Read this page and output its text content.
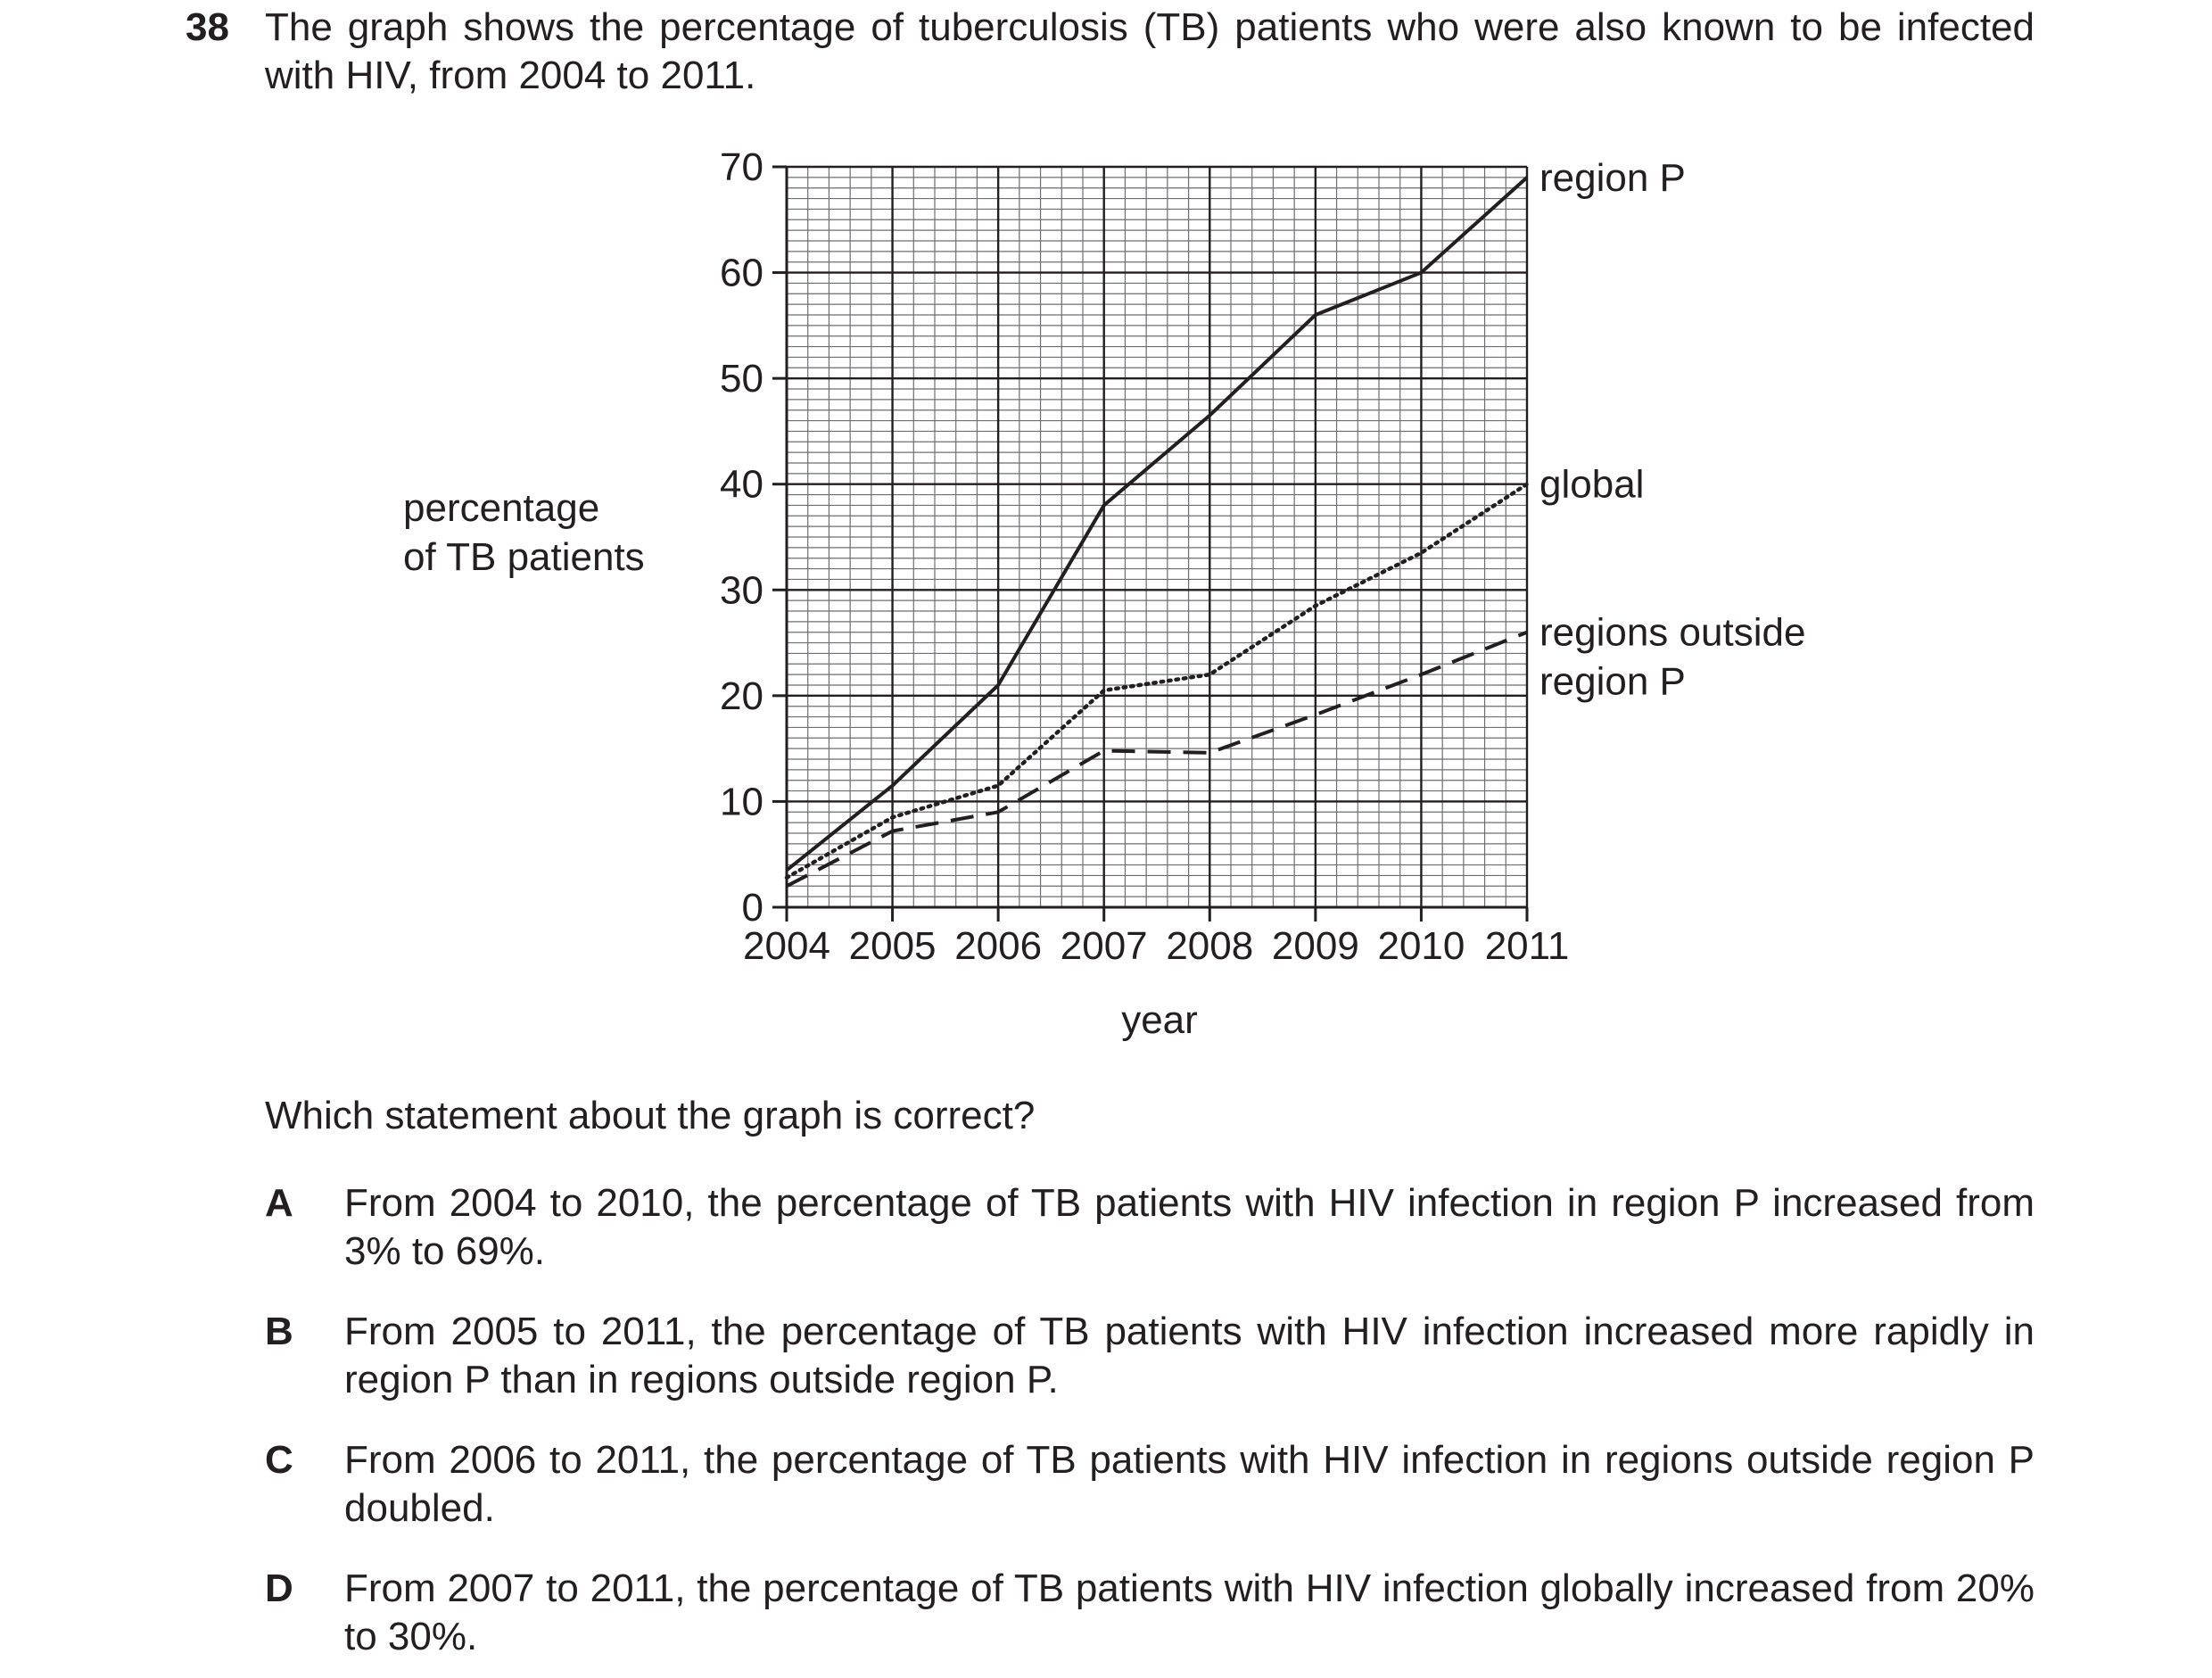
38 The graph shows the percentage of tuberculosis (TB) patients who were also known to be infected with HIV, from 2004 to 2011.
percentage
of TB patients
0
10
20
30
40
50
60
70
2004 2005 2006 2007 2008 2009 2010 2011
region P
global
regions outside
region P
year
Which statement about the graph is correct?
A From 2004 to 2010, the percentage of TB patients with HIV infection in region P increased from 3% to 69%.
B From 2005 to 2011, the percentage of TB patients with HIV infection increased more rapidly in region P than in regions outside region P.
C From 2006 to 2011, the percentage of TB patients with HIV infection in regions outside region P doubled.
D From 2007 to 2011, the percentage of TB patients with HIV infection globally increased from 20% to 30%.
